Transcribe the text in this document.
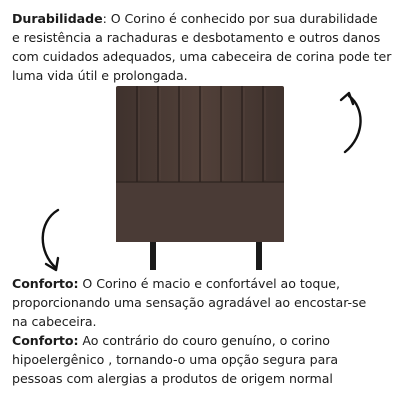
Durabilidade: O Corino é conhecido por sua durabilidade
e resistência a rachaduras e desbotamento e outros danos
com cuidados adequados, uma cabeceira de corina pode ter
luma vida útil e prolongada.

Conforto: O Corino é macio e confortável ao toque,
proporcionando uma sensação agradável ao encostar-se
na cabeceira.

Conforto: Ao contrário do couro genuíno, o corino
hipoelergênico , tornando-o uma opção segura para
pessoas com alergias a produtos de origem normal
